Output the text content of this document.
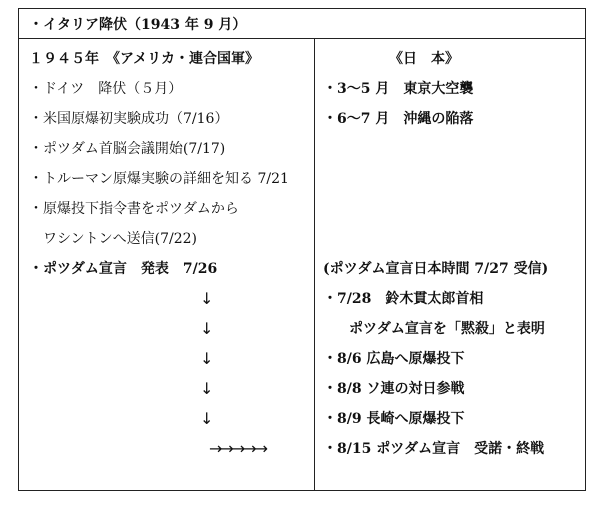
・イタリア降伏（1943 年 9 月）
１９４５年　《アメリカ・連合国軍》
・ドイツ　降伏（５月）
・米国原爆初実験成功（7/16）
・ポツダム首脳会議開始(7/17)
・トルーマン原爆実験の詳細を知る 7/21
・原爆投下指令書をポツダムから
ワシントンへ送信(7/22)
・ポツダム宣言　発表　7/26
↓
↓
↓
↓
↓
→→→→→
《日　本》
・3～5 月　東京大空襲
・6～7 月　沖縄の陥落
(ポツダム宣言日本時間 7/27 受信)
・7/28　鈴木貫太郎首相
ポツダム宣言を「黙殺」と表明
・8/6 広島へ原爆投下
・8/8 ソ連の対日参戦
・8/9 長崎へ原爆投下
・8/15 ポツダム宣言　受諾・終戦
